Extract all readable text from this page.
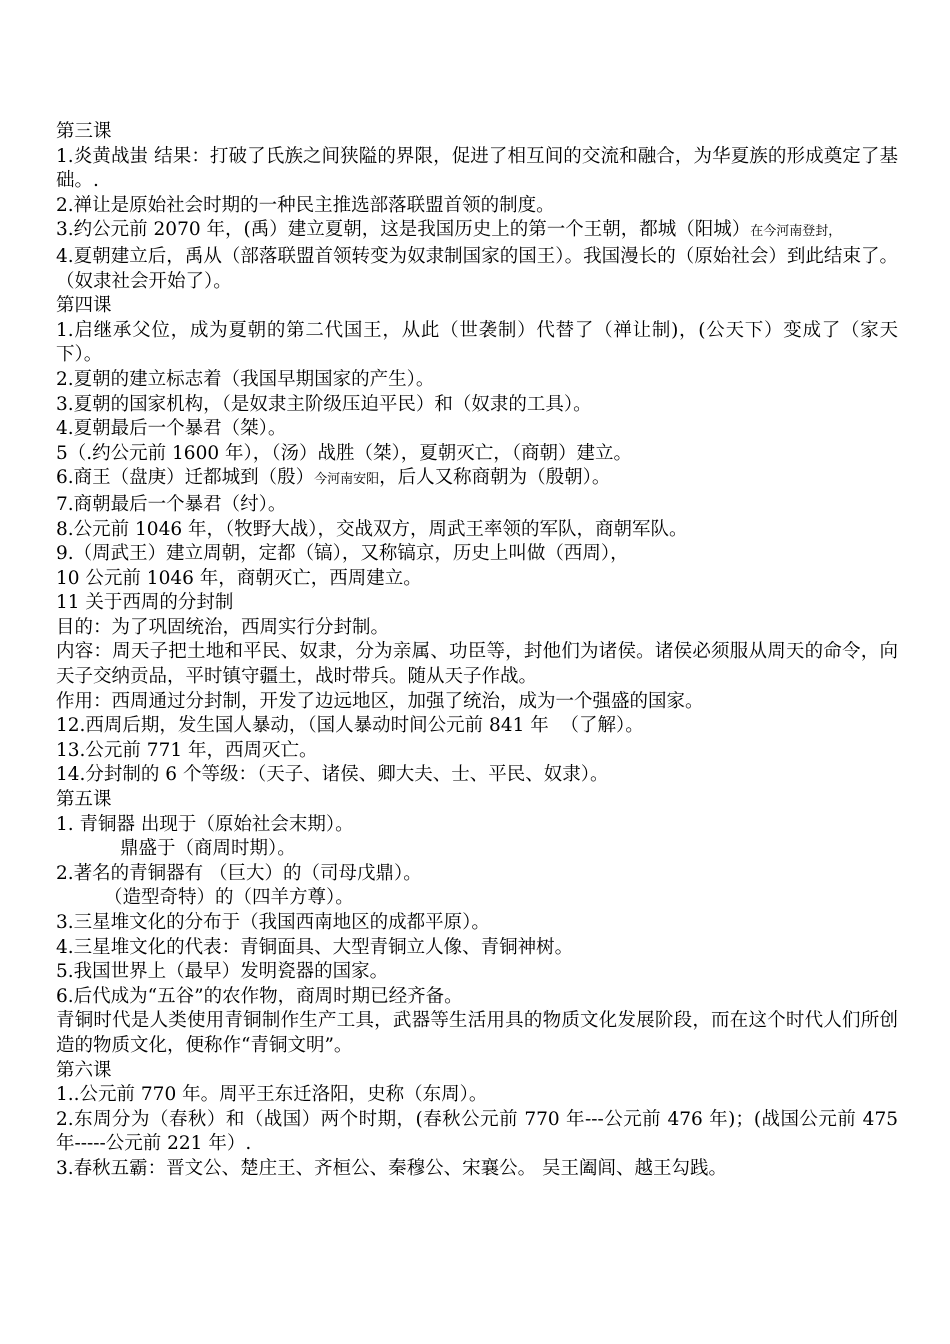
第三课
1.炎黄战蚩 结果：打破了氏族之间狭隘的界限，促进了相互间的交流和融合，为华夏族的形成奠定了基础。.
2.禅让是原始社会时期的一种民主推选部落联盟首领的制度。
3.约公元前 2070 年，(禹）建立夏朝，这是我国历史上的第一个王朝，都城（阳城）在今河南登封，
4.夏朝建立后，禹从（部落联盟首领转变为奴隶制国家的国王）。我国漫长的（原始社会）到此结束了。（奴隶社会开始了）。
第四课
1.启继承父位，成为夏朝的第二代国王，从此（世袭制）代替了（禅让制)，(公天下）变成了（家天下）。
2.夏朝的建立标志着（我国早期国家的产生）。
3.夏朝的国家机构，（是奴隶主阶级压迫平民）和（奴隶的工具）。
4.夏朝最后一个暴君（桀）。
5（.约公元前 1600 年），（汤）战胜（桀），夏朝灭亡，（商朝）建立。
6.商王（盘庚）迁都城到（殷）今河南安阳，后人又称商朝为（殷朝）。
7.商朝最后一个暴君（纣）。
8.公元前 1046 年，（牧野大战），交战双方，周武王率领的军队，商朝军队。
9.（周武王）建立周朝，定都（镐），又称镐京，历史上叫做（西周），
10 公元前 1046 年，商朝灭亡，西周建立。
11 关于西周的分封制
目的：为了巩固统治，西周实行分封制。
内容：周天子把土地和平民、奴隶，分为亲属、功臣等，封他们为诸侯。诸侯必须服从周天的命令，向天子交纳贡品，平时镇守疆土，战时带兵。随从天子作战。
作用：西周通过分封制，开发了边远地区，加强了统治，成为一个强盛的国家。
12.西周后期，发生国人暴动，（国人暴动时间公元前 841 年  （了解）。
13.公元前 771 年，西周灭亡。
14.分封制的 6 个等级：（天子、诸侯、卿大夫、士、平民、奴隶）。
第五课
1. 青铜器 出现于（原始社会末期）。
鼎盛于（商周时期）。
2.著名的青铜器有 （巨大）的（司母戊鼎）。
（造型奇特）的（四羊方尊）。
3.三星堆文化的分布于（我国西南地区的成都平原）。
4.三星堆文化的代表：青铜面具、大型青铜立人像、青铜神树。
5.我国世界上（最早）发明瓷器的国家。
6.后代成为“五谷”的农作物，商周时期已经齐备。
青铜时代是人类使用青铜制作生产工具，武器等生活用具的物质文化发展阶段，而在这个时代人们所创造的物质文化，便称作“青铜文明”。
第六课
1..公元前 770 年。周平王东迁洛阳，史称（东周）。
2.东周分为（春秋）和（战国）两个时期，(春秋公元前 770 年---公元前 476 年)；(战国公元前 475 年-----公元前 221 年）.
3.春秋五霸：晋文公、楚庄王、齐桓公、秦穆公、宋襄公。 吴王阖闾、越王勾践。
